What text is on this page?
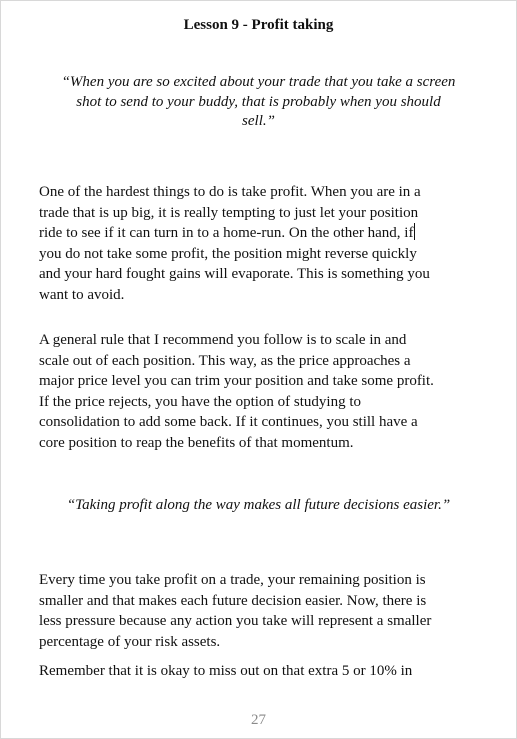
Lesson 9 - Profit taking
“When you are so excited about your trade that you take a screen
shot to send to your buddy, that is probably when you should
sell.”
One of the hardest things to do is take profit. When you are in a
trade that is up big, it is really tempting to just let your position
ride to see if it can turn in to a home-run. On the other hand, if
you do not take some profit, the position might reverse quickly
and your hard fought gains will evaporate. This is something you
want to avoid.
A general rule that I recommend you follow is to scale in and
scale out of each position. This way, as the price approaches a
major price level you can trim your position and take some profit.
If the price rejects, you have the option of studying to
consolidation to add some back. If it continues, you still have a
core position to reap the benefits of that momentum.
“Taking profit along the way makes all future decisions easier.”
Every time you take profit on a trade, your remaining position is
smaller and that makes each future decision easier. Now, there is
less pressure because any action you take will represent a smaller
percentage of your risk assets.
Remember that it is okay to miss out on that extra 5 or 10% in
27
